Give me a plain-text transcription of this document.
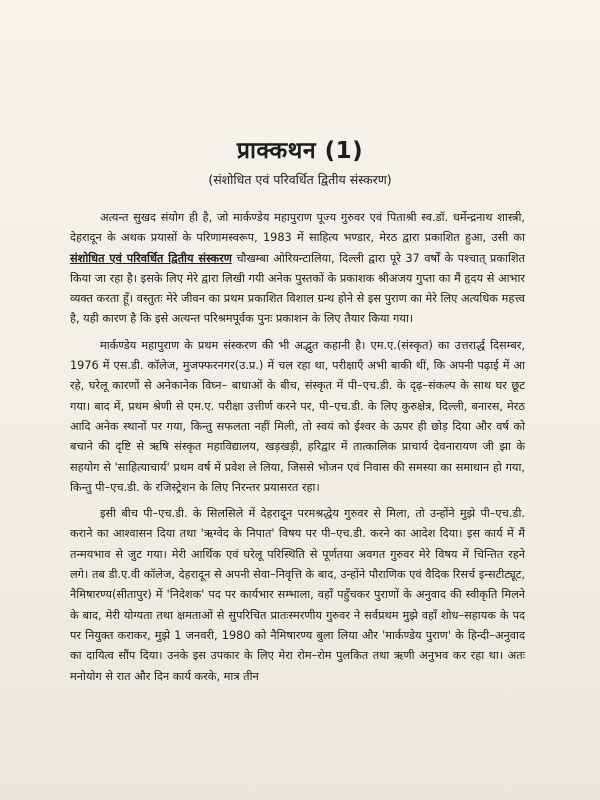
प्राक्कथन (1)
(संशोधित एवं परिवर्धित द्वितीय संस्करण)

अत्यन्त सुखद संयोग ही है, जो मार्कण्डेय महापुराण पूज्य गुरुवर एवं पिताश्री स्व.डॉ. धर्मेन्द्रनाथ शास्त्री, देहरादून के अथक प्रयासों के परिणामस्वरूप, 1983 में साहित्य भण्डार, मेरठ द्वारा प्रकाशित हुआ, उसी का संशोधित एवं परिवर्धित द्वितीय संस्करण चौखम्बा ओरियन्टालिया, दिल्ली द्वारा पूरे 37 वर्षों के पश्चात् प्रकाशित किया जा रहा है। इसके लिए मेरे द्वारा लिखी गयी अनेक पुस्तकों के प्रकाशक श्रीअजय गुप्ता का मैं हृदय से आभार व्यक्त करता हूँ। वस्तुतः मेरे जीवन का प्रथम प्रकाशित विशाल ग्रन्थ होने से इस पुराण का मेरे लिए अत्यधिक महत्त्व है, यही कारण है कि इसे अत्यन्त परिश्रमपूर्वक पुनः प्रकाशन के लिए तैयार किया गया।

मार्कण्डेय महापुराण के प्रथम संस्करण की भी अद्भुत कहानी है। एम.ए.(संस्कृत) का उत्तरार्द्ध दिसम्बर, 1976 में एस.डी. कॉलेज, मुजफ्फरनगर(उ.प्र.) में चल रहा था, परीक्षाएँ अभी बाकी थीं, कि अपनी पढ़ाई में आ रहे, घरेलू कारणों से अनेकानेक विघ्न– बाधाओं के बीच, संस्कृत में पी–एच.डी. के दृढ़–संकल्प के साथ घर छूट गया। बाद में, प्रथम श्रेणी से एम.ए. परीक्षा उत्तीर्ण करने पर, पी–एच.डी. के लिए कुरुक्षेत्र, दिल्ली, बनारस, मेरठ आदि अनेक स्थानों पर गया, किन्तु सफलता नहीं मिली, तो स्वयं को ईश्वर के ऊपर ही छोड़ दिया और वर्ष को बचाने की दृष्टि से ऋषि संस्कृत महाविद्यालय, खड़खड़ी, हरिद्वार में तात्कालिक प्राचार्य देवनारायण जी झा के सहयोग से 'साहित्याचार्य' प्रथम वर्ष में प्रवेश ले लिया, जिससे भोजन एवं निवास की समस्या का समाधान हो गया, किन्तु पी–एच.डी. के रजिस्ट्रेशन के लिए निरन्तर प्रयासरत रहा।

इसी बीच पी–एच.डी. के सिलसिले में देहरादून परमश्रद्धेय गुरुवर से मिला, तो उन्होंने मुझे पी–एच.डी. कराने का आश्वासन दिया तथा 'ऋग्वेद के निपात' विषय पर पी–एच.डी. करने का आदेश दिया। इस कार्य में मैं तन्मयभाव से जुट गया। मेरी आर्थिक एवं घरेलू परिस्थिति से पूर्णतया अवगत गुरुवर मेरे विषय में चिन्तित रहने लगे। तब डी.ए.वी कॉलेज, देहरादून से अपनी सेवा–निवृत्ति के बाद, उन्होंने पौराणिक एवं वैदिक रिसर्च इन्सटीट्यूट, नैमिषारण्य(सीतापुर) में 'निदेशक' पद पर कार्यभार सम्भाला, वहाँ पहुँचकर पुराणों के अनुवाद की स्वीकृति मिलने के बाद, मेरी योग्यता तथा क्षमताओं से सुपरिचित प्रातःस्मरणीय गुरुवर ने सर्वप्रथम मुझे वहाँ शोध–सहायक के पद पर नियुक्त कराकर, मुझे 1 जनवरी, 1980 को नैमिषारण्य बुला लिया और 'मार्कण्डेय पुराण' के हिन्दी–अनुवाद का दायित्व सौंप दिया। उनके इस उपकार के लिए मेरा रोम–रोम पुलकित तथा ऋणी अनुभव कर रहा था। अतः मनोयोग से रात और दिन कार्य करके, मात्र तीन
